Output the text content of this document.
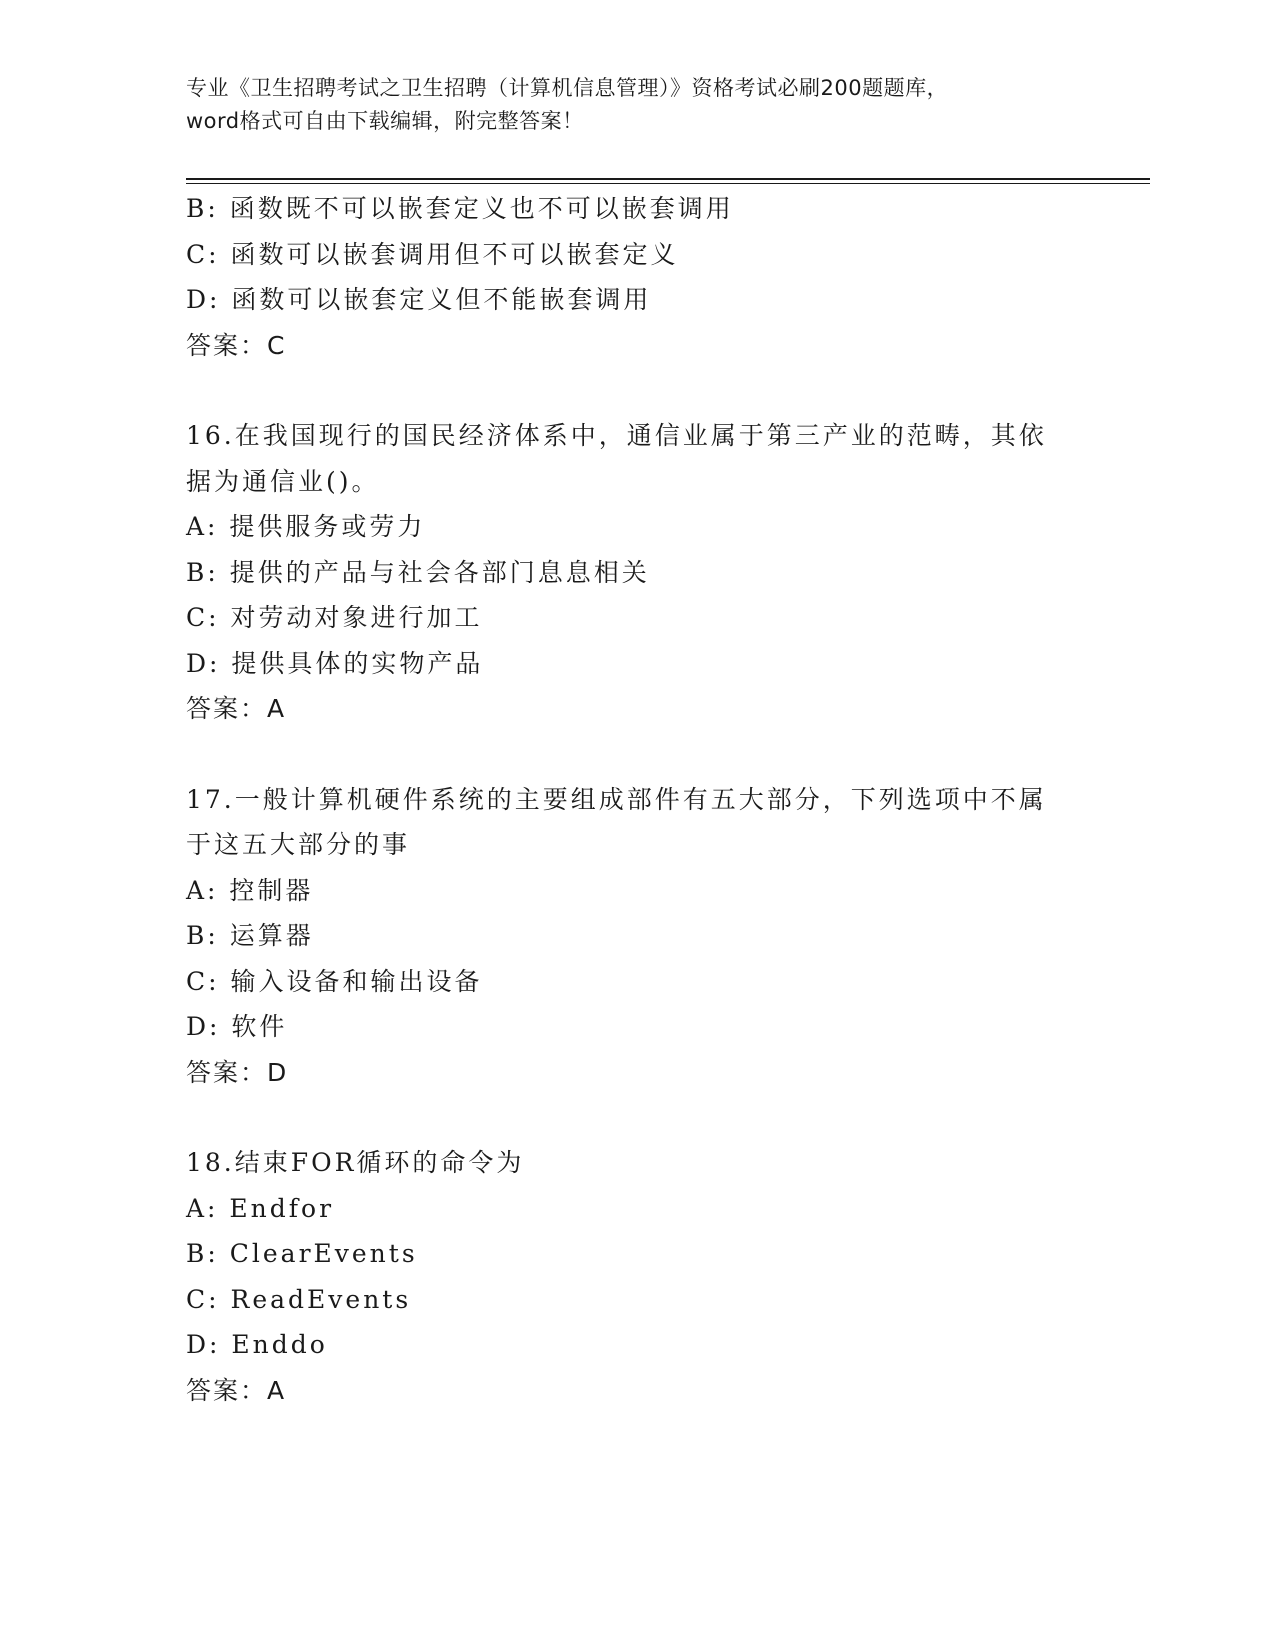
专业《卫生招聘考试之卫生招聘（计算机信息管理）》资格考试必刷200题题库，
word格式可自由下载编辑，附完整答案！
B: 函数既不可以嵌套定义也不可以嵌套调用
C: 函数可以嵌套调用但不可以嵌套定义
D: 函数可以嵌套定义但不能嵌套调用
答案：C
16.在我国现行的国民经济体系中，通信业属于第三产业的范畴，其依
据为通信业()。
A: 提供服务或劳力
B: 提供的产品与社会各部门息息相关
C: 对劳动对象进行加工
D: 提供具体的实物产品
答案：A
17.一般计算机硬件系统的主要组成部件有五大部分，下列选项中不属
于这五大部分的事
A: 控制器
B: 运算器
C: 输入设备和输出设备
D: 软件
答案：D
18.结束FOR循环的命令为
A: Endfor
B: ClearEvents
C: ReadEvents
D: Enddo
答案：A
